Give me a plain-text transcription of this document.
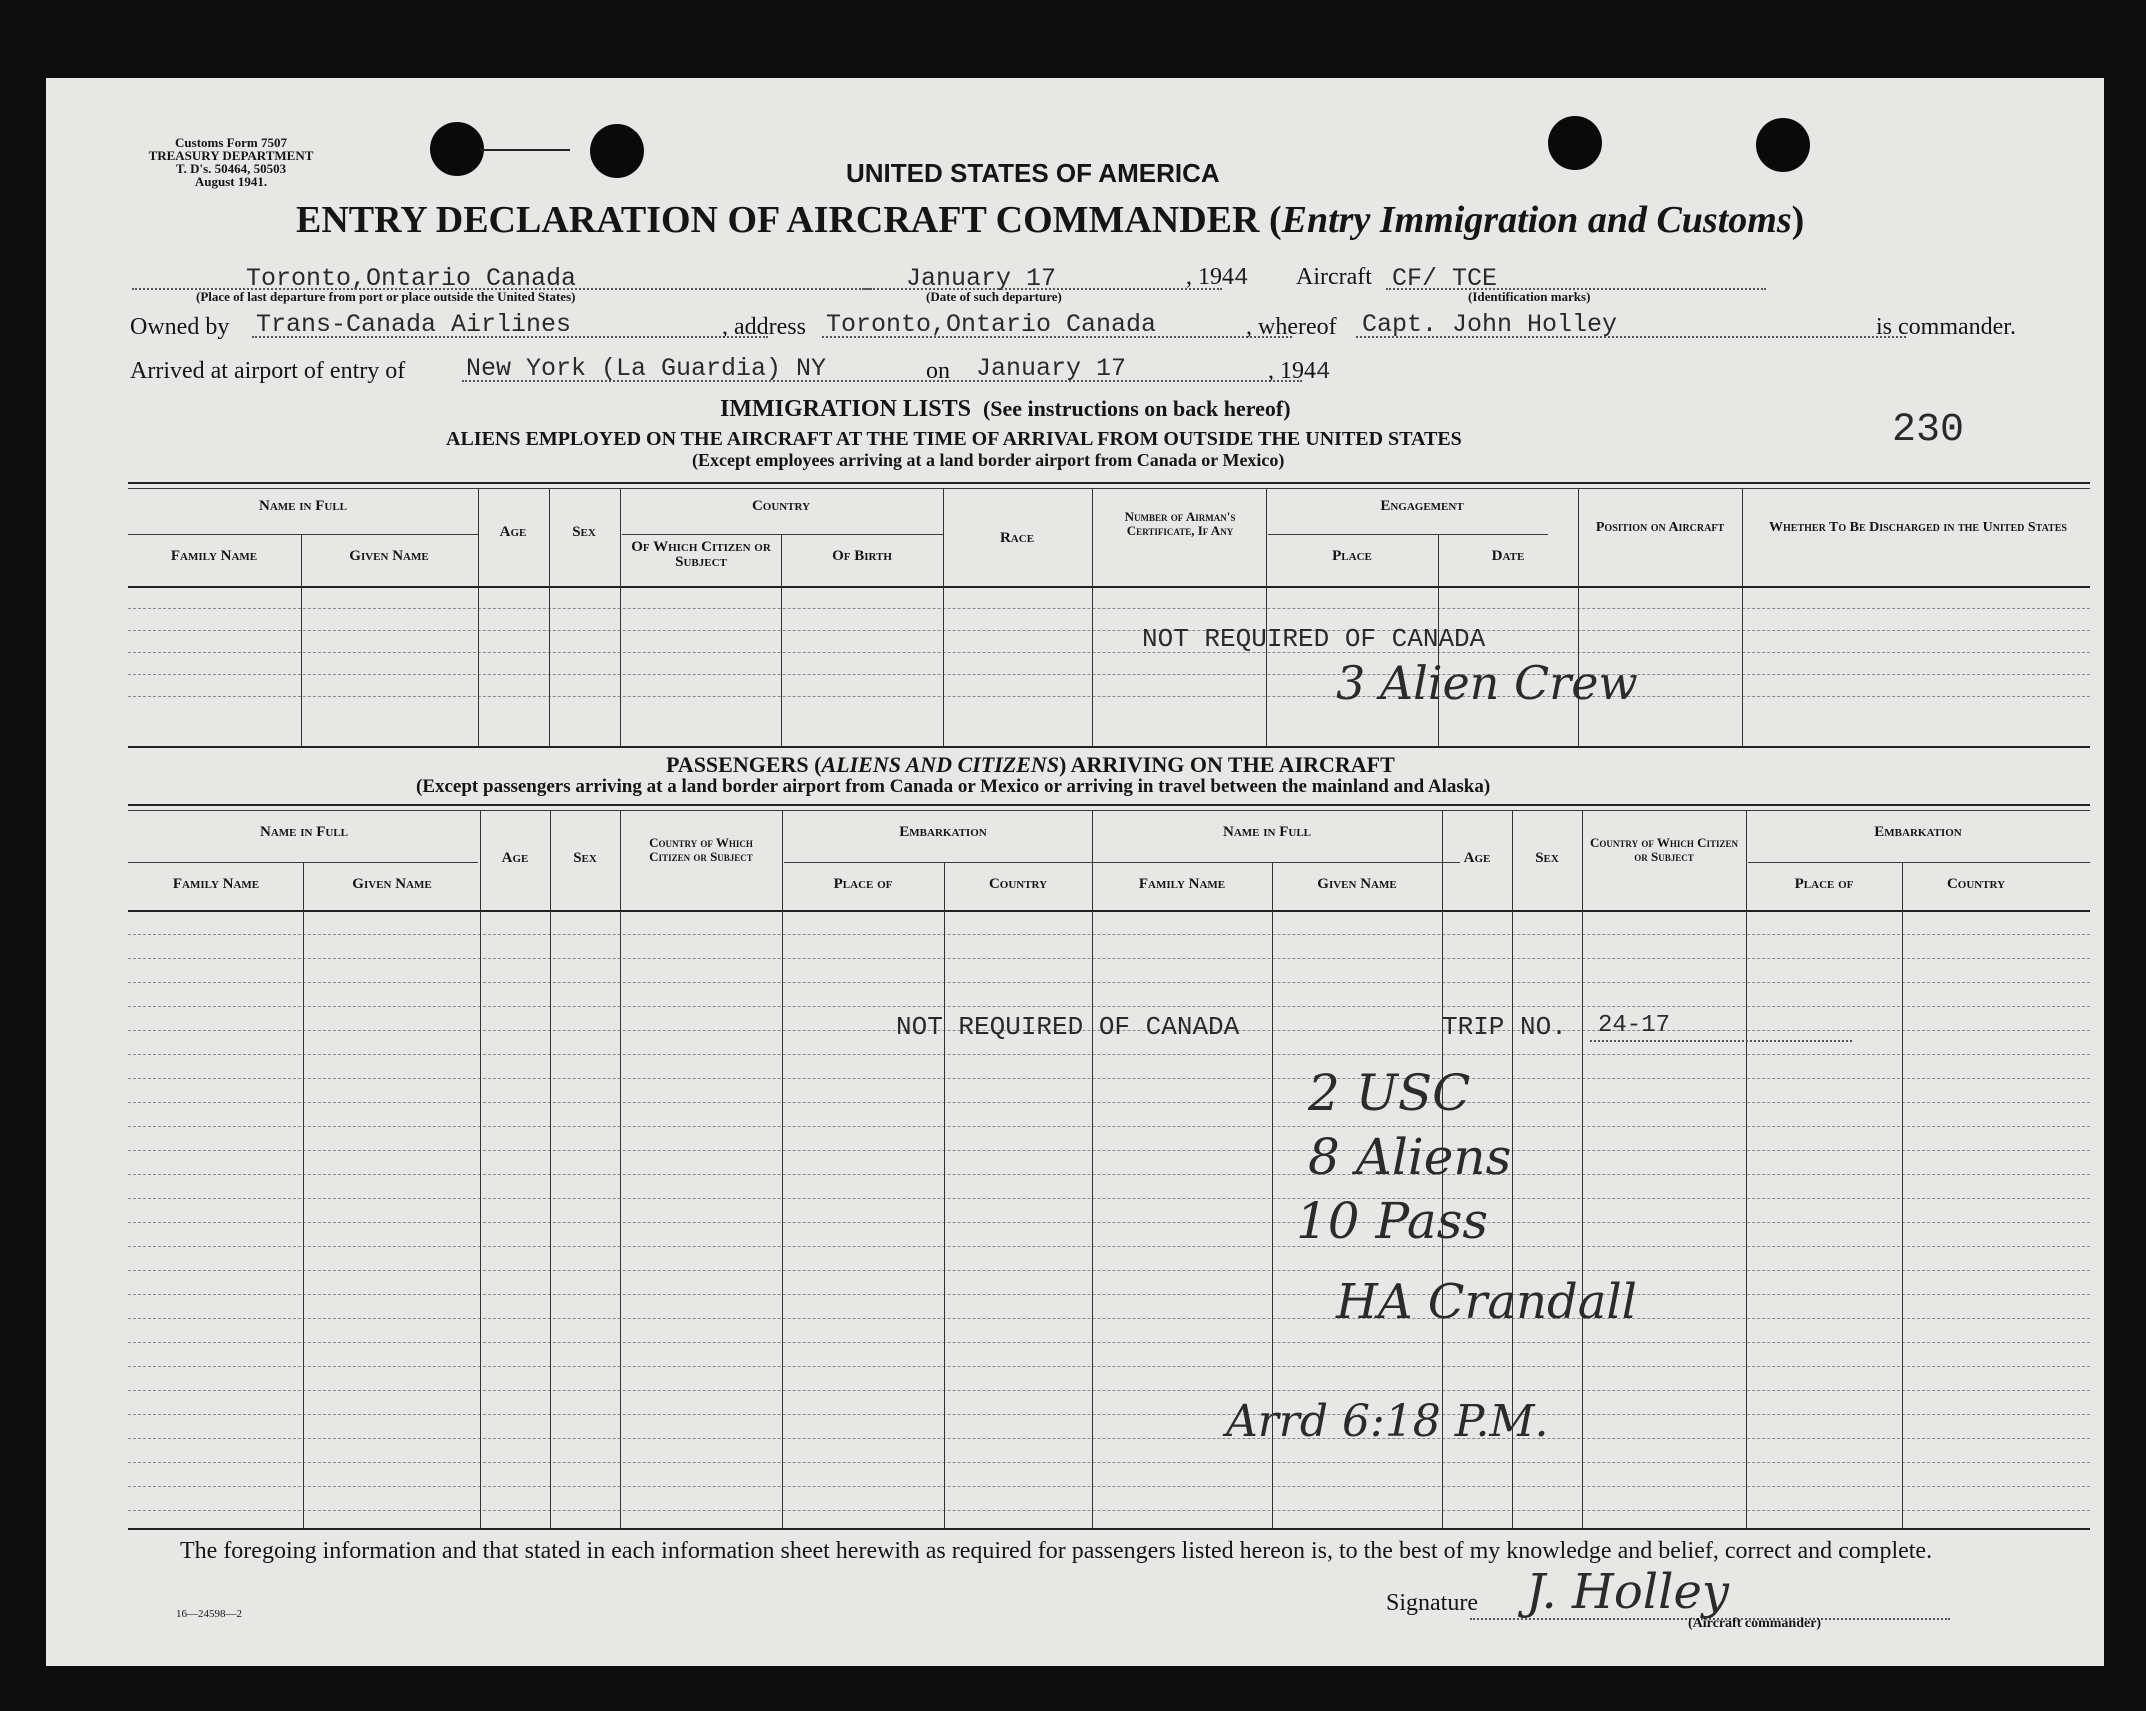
Customs Form 7507
TREASURY DEPARTMENT
T. D's. 50464, 50503
August 1941.	UNITED STATES OF AMERICA
ENTRY DECLARATION OF AIRCRAFT COMMANDER (Entry Immigration and Customs)
Toronto,Ontario Canada
(Place of last departure from port or place outside the United States)
January 17
(Date of such departure)
, 1944 Aircraft CF/ TCE
(Identification marks)
Owned by Trans-Canada Airlines	, address Toronto,Ontario Canada	, whereof Capt. John Holley	is commander.
Arrived at airport of entry of New York (La Guardia) NY	on January 17	, 1944
IMMIGRATION LISTS (See instructions on back hereof)
ALIENS EMPLOYED ON THE AIRCRAFT AT THE TIME OF ARRIVAL FROM OUTSIDE THE UNITED STATES
(Except employees arriving at a land border airport from Canada or Mexico)
230
Name in Full
Family Name	Given Name
Age	Sex
Country
Of Which Citizen or Subject	Of Birth
Race
Number of Airman's Certificate, If Any
Engagement
Place	Date
Position on Aircraft	Whether To Be Discharged in the United States
NOT REQUIRED OF CANADA
3 Alien Crew
PASSENGERS (ALIENS AND CITIZENS) ARRIVING ON THE AIRCRAFT
(Except passengers arriving at a land border airport from Canada or Mexico or arriving in travel between the mainland and Alaska)
Name in Full
Family Name	Given Name
Age	Sex
Country of Which Citizen or Subject
Embarkation
Place of	Country
Name in Full
Family Name	Given Name
Age	Sex
Country of Which Citizen or Subject
Embarkation
Place of	Country
NOT REQUIRED OF CANADA	TRIP NO. 24-17
2 USC
8 Aliens
10 Pass
HA Crandall
Arrd 6:18 P.M.
The foregoing information and that stated in each information sheet herewith as required for passengers listed hereon is, to the best of my knowledge and belief, correct and complete.
16—24598—2	Signature J. Holley
(Aircraft commander)
